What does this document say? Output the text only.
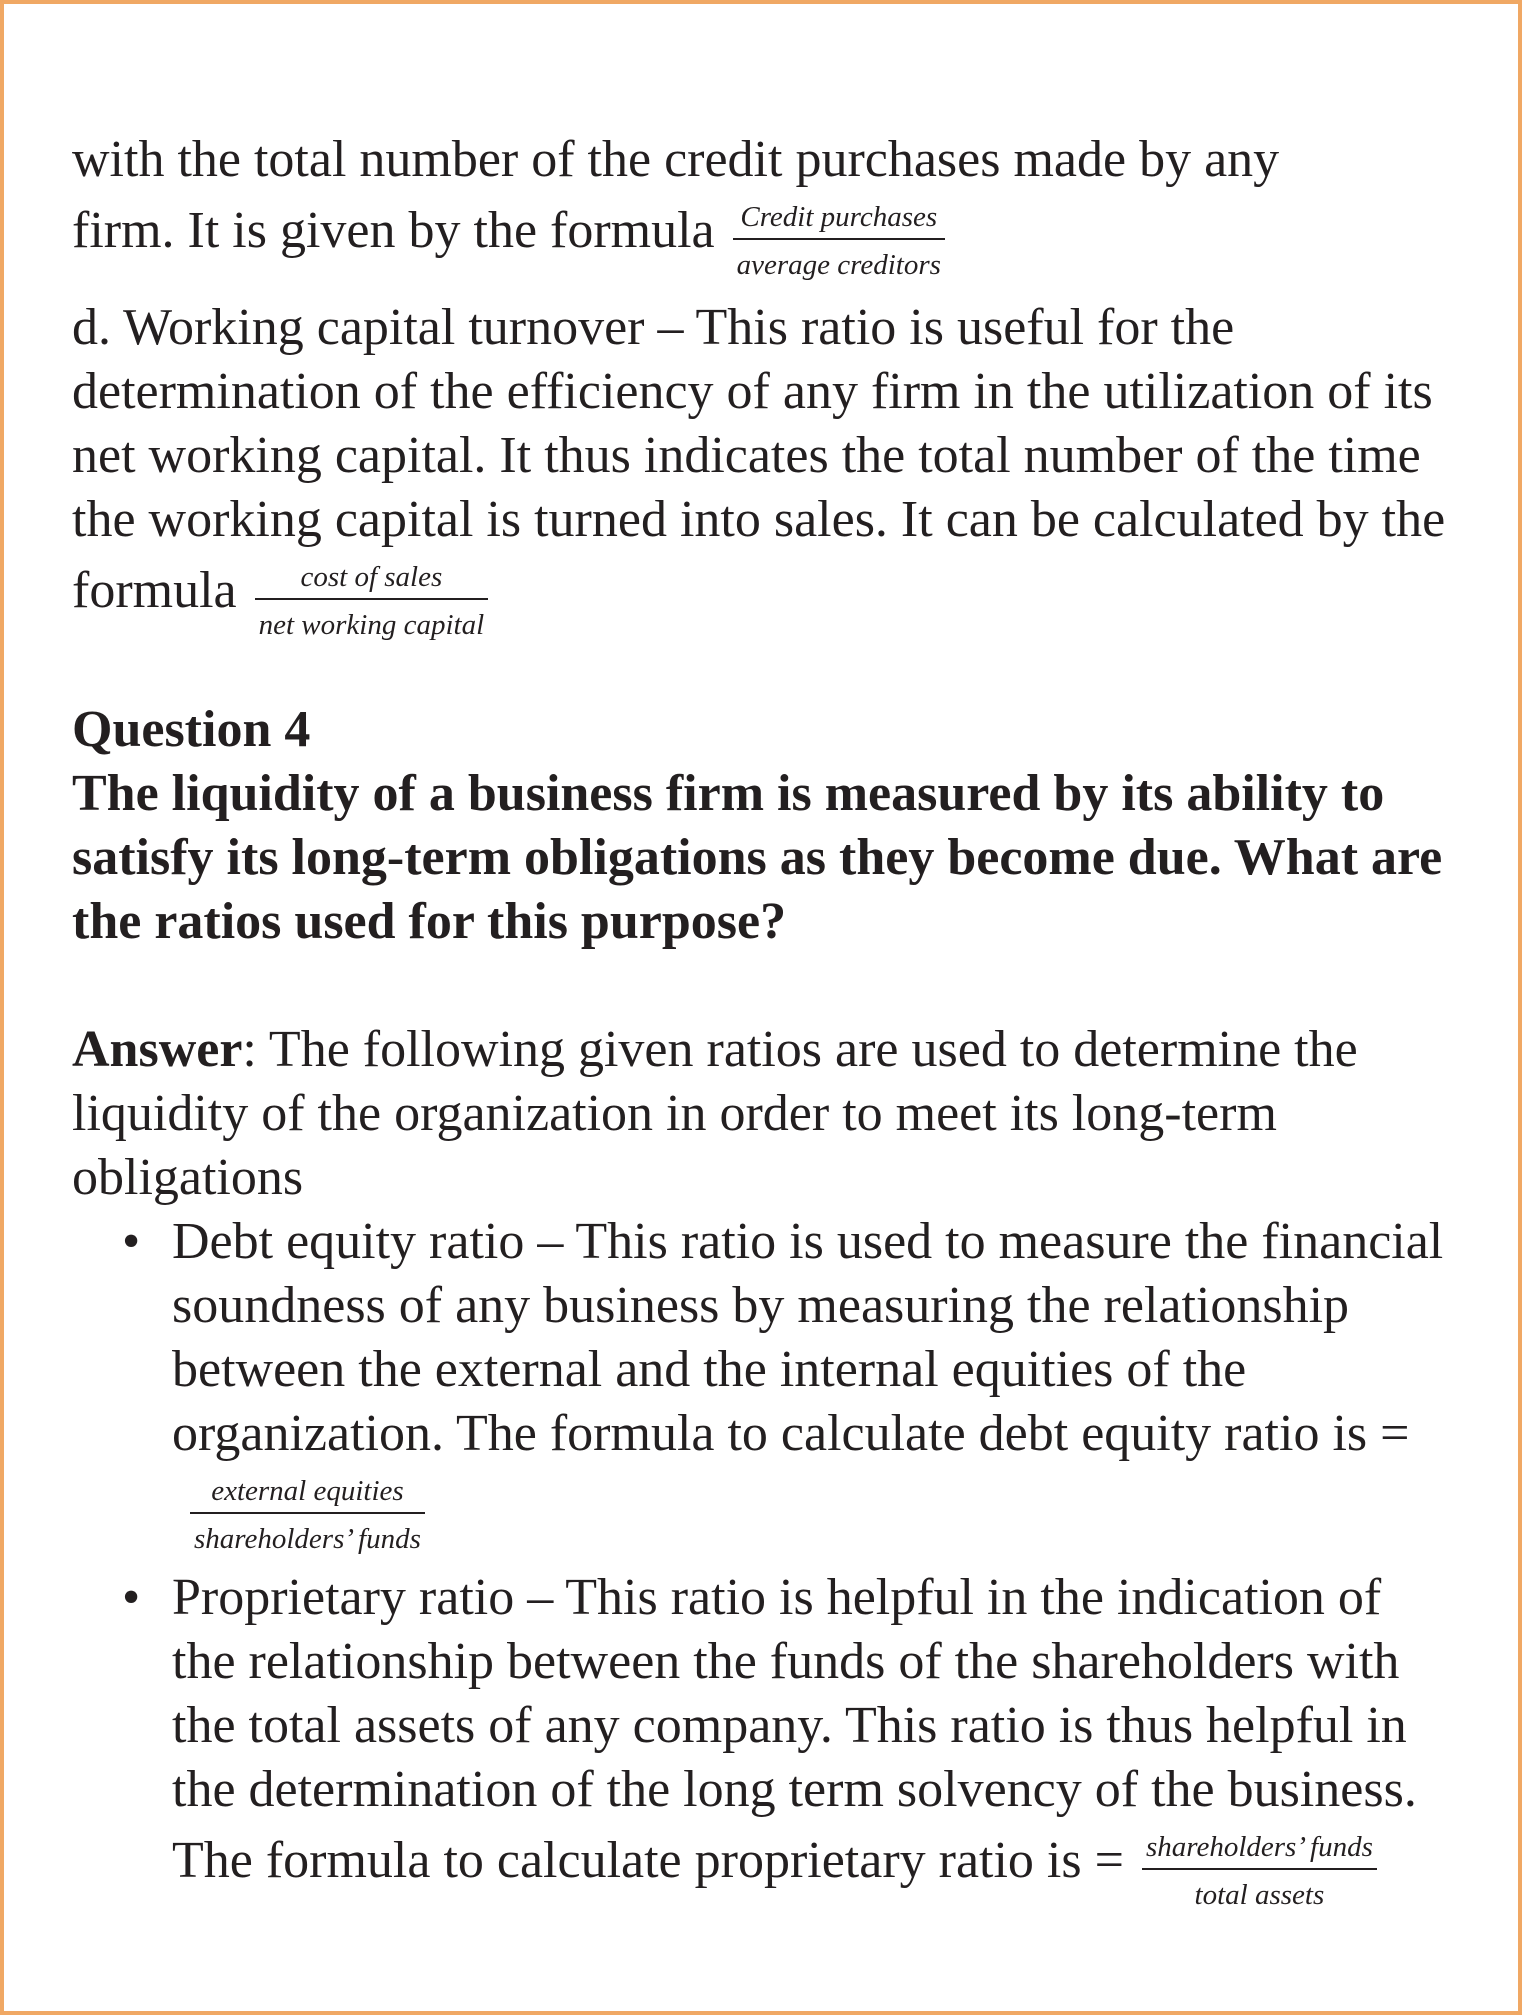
with the total number of the credit purchases made by any firm. It is given by the formula $\frac{\text{Credit purchases}}{\text{average creditors}}$

d. Working capital turnover – This ratio is useful for the determination of the efficiency of any firm in the utilization of its net working capital. It thus indicates the total number of the time the working capital is turned into sales. It can be calculated by the formula $\frac{\text{cost of sales}}{\text{net working capital}}$

Question 4

The liquidity of a business firm is measured by its ability to satisfy its long-term obligations as they become due. What are the ratios used for this purpose?

Answer: The following given ratios are used to determine the liquidity of the organization in order to meet its long-term obligations

• Debt equity ratio – This ratio is used to measure the financial soundness of any business by measuring the relationship between the external and the internal equities of the organization. The formula to calculate debt equity ratio is =
$\frac{\text{external equities}}{\text{shareholders’ funds}}$
• Proprietary ratio – This ratio is helpful in the indication of the relationship between the funds of the shareholders with the total assets of any company. This ratio is thus helpful in the determination of the long term solvency of the business. The formula to calculate proprietary ratio is = $\frac{\text{shareholders’ funds}}{\text{total assets}}$
